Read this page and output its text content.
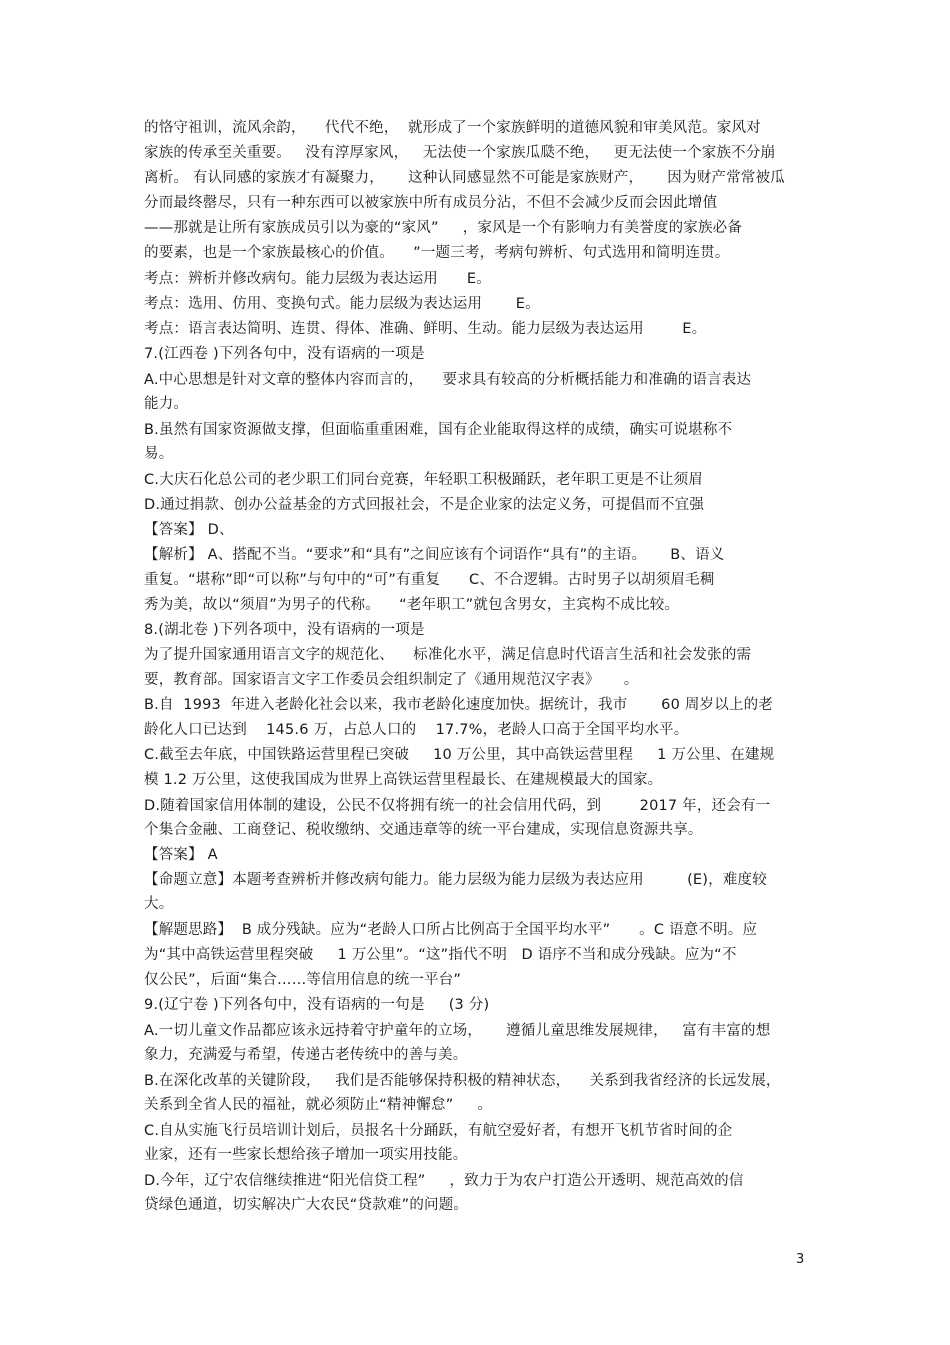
的恪守祖训，流风余韵，    代代不绝，  就形成了一个家族鲜明的道德风貌和审美风范。家风对
家族的传承至关重要。   没有淳厚家风，   无法使一个家族瓜瓞不绝，   更无法使一个家族不分崩
离析。 有认同感的家族才有凝聚力，     这种认同感显然不可能是家族财产，     因为财产常常被瓜
分而最终罄尽，只有一种东西可以被家族中所有成员分沾，不但不会减少反而会因此增值
——那就是让所有家族成员引以为豪的“家风”     ，家风是一个有影响力有美誉度的家族必备
的要素，也是一个家族最核心的价值。    ”一题三考，考病句辨析、句式选用和简明连贯。
考点：辨析并修改病句。能力层级为表达运用      E。
考点：选用、仿用、变换句式。能力层级为表达运用       E。
考点：语言表达简明、连贯、得体、准确、鲜明、生动。能力层级为表达运用        E。
7.(江西卷 )下列各句中，没有语病的一项是
A.中心思想是针对文章的整体内容而言的，    要求具有较高的分析概括能力和准确的语言表达
能力。
B.虽然有国家资源做支撑，但面临重重困难，国有企业能取得这样的成绩，确实可说堪称不
易。
C.大庆石化总公司的老少职工们同台竞赛，年轻职工积极踊跃，老年职工更是不让须眉
D.通过捐款、创办公益基金的方式回报社会，不是企业家的法定义务，可提倡而不宜强
【答案】 D、
【解析】 A、搭配不当。“要求”和“具有”之间应该有个词语作“具有”的主语。     B、语义
重复。“堪称”即“可以称”与句中的“可”有重复      C、不合逻辑。古时男子以胡须眉毛稠
秀为美，故以“须眉”为男子的代称。    “老年职工”就包含男女，主宾构不成比较。
8.(湖北卷 )下列各项中，没有语病的一项是
为了提升国家通用语言文字的规范化、    标准化水平，满足信息时代语言生活和社会发张的需
要，教育部。国家语言文字工作委员会组织制定了《通用规范汉字表》     。
B.自  1993  年进入老龄化社会以来，我市老龄化速度加快。据统计，我市       60 周岁以上的老
龄化人口已达到    145.6 万，占总人口的    17.7%，老龄人口高于全国平均水平。
C.截至去年底，中国铁路运营里程已突破     10 万公里，其中高铁运营里程     1 万公里、在建规
模 1.2 万公里，这使我国成为世界上高铁运营里程最长、在建规模最大的国家。
D.随着国家信用体制的建设，公民不仅将拥有统一的社会信用代码，到        2017 年，还会有一
个集合金融、工商登记、税收缴纳、交通违章等的统一平台建成，实现信息资源共享。
【答案】 A
【命题立意】本题考查辨析并修改病句能力。能力层级为能力层级为表达应用         (E)，难度较
大。
【解题思路】  B 成分残缺。应为“老龄人口所占比例高于全国平均水平”      。C 语意不明。应
为“其中高铁运营里程突破     1 万公里”。“这”指代不明   D 语序不当和成分残缺。应为“不
仅公民”，后面“集合……等信用信息的统一平台”
9.(辽宁卷 )下列各句中，没有语病的一句是     (3 分)
A.一切儿童文作品都应该永远持着守护童年的立场，     遵循儿童思维发展规律，   富有丰富的想
象力，充满爱与希望，传递古老传统中的善与美。
B.在深化改革的关键阶段，   我们是否能够保持积极的精神状态，    关系到我省经济的长远发展，
关系到全省人民的福祉，就必须防止“精神懈怠”     。
C.自从实施飞行员培训计划后，员报名十分踊跃，有航空爱好者，有想开飞机节省时间的企
业家，还有一些家长想给孩子增加一项实用技能。
D.今年，辽宁农信继续推进“阳光信贷工程”     ，致力于为农户打造公开透明、规范高效的信
贷绿色通道，切实解决广大农民“贷款难”的问题。
3
